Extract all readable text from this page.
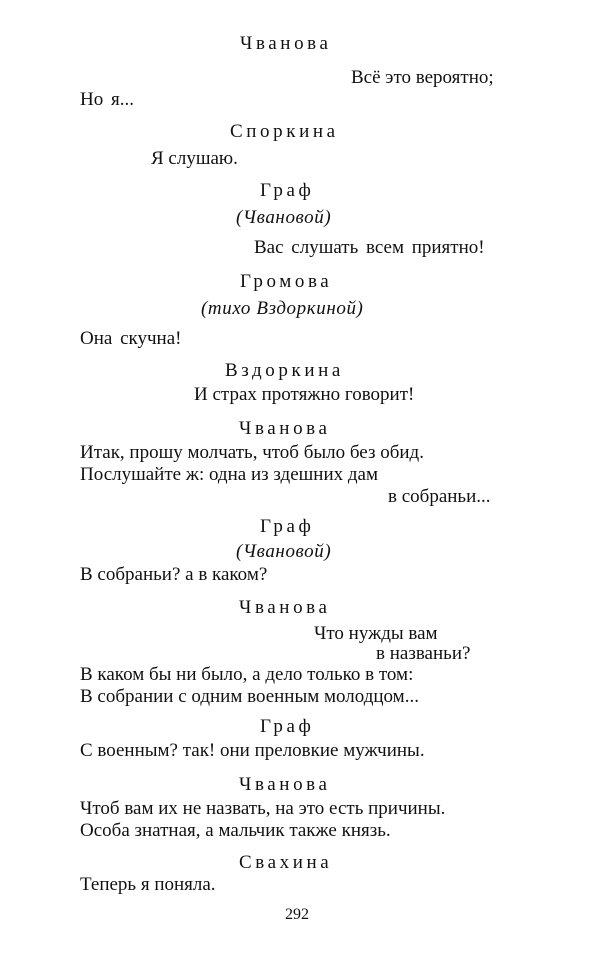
Чванова
Всё это вероятно;
Но я...
Споркина
Я слушаю.
Граф
(Чвановой)
Вас слушать всем приятно!
Громова
(тихо Вздоркиной)
Она скучна!
Вздоркина
И страх протяжно говорит!
Чванова
Итак, прошу молчать, чтоб было без обид.
Послушайте ж: одна из здешних дам
в собраньи...
Граф
(Чвановой)
В собраньи? а в каком?
Чванова
Что нужды вам
в названьи?
В каком бы ни было, а дело только в том:
В собрании с одним военным молодцом...
Граф
С военным? так! они преловкие мужчины.
Чванова
Чтоб вам их не назвать, на это есть причины.
Особа знатная, а мальчик также князь.
Свахина
Теперь я поняла.
292
